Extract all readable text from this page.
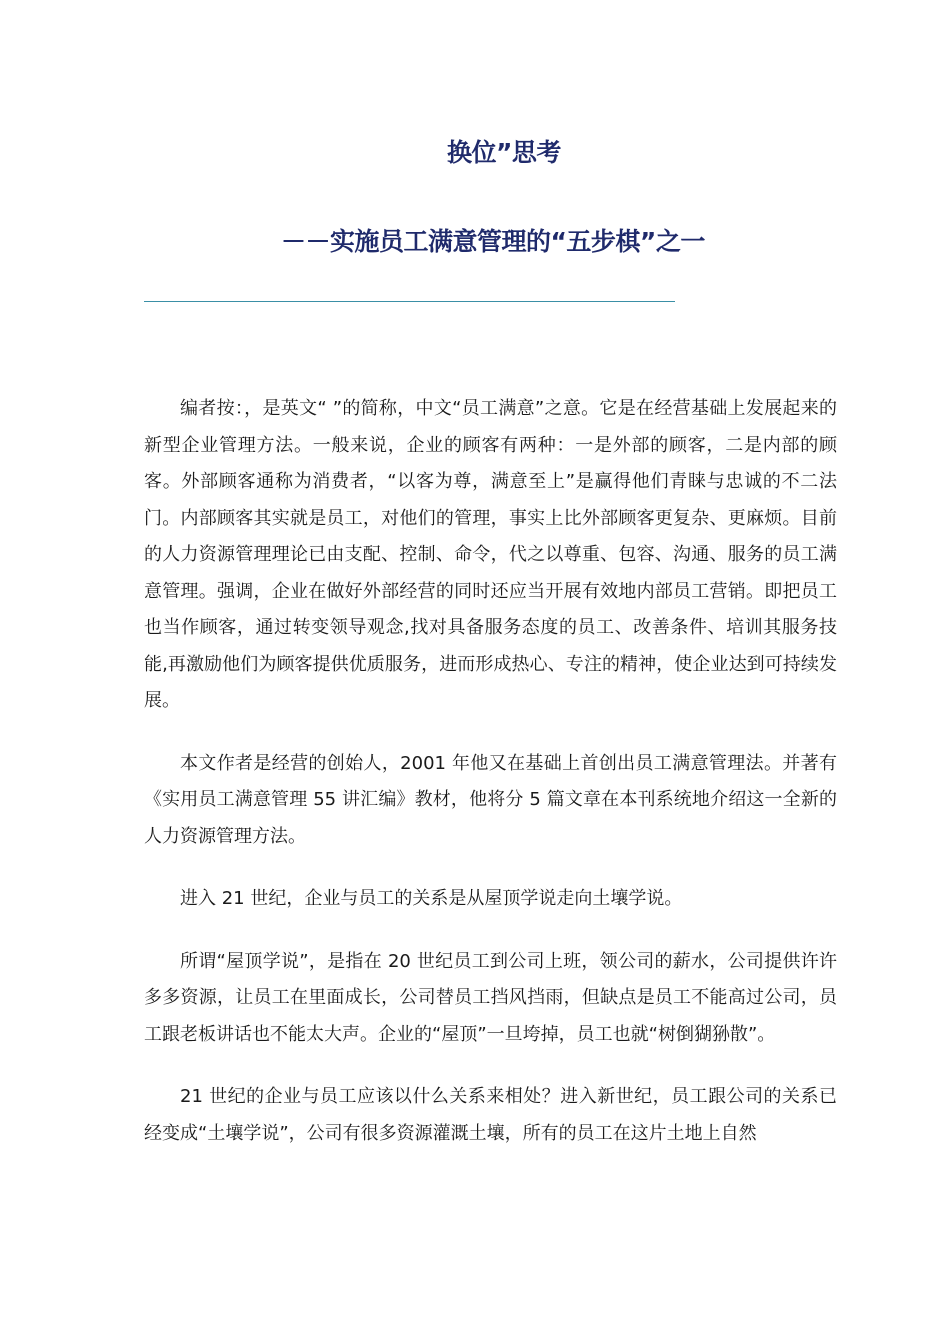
换位”思考
－－实施员工满意管理的“五步棋”之一

编者按：，是英文“ ”的简称，中文“员工满意”之意。它是在经营基础上发展起来的新型企业管理方法。一般来说，企业的顾客有两种：一是外部的顾客，二是内部的顾客。外部顾客通称为消费者，“以客为尊，满意至上”是赢得他们青睐与忠诚的不二法门。内部顾客其实就是员工，对他们的管理，事实上比外部顾客更复杂、更麻烦。目前的人力资源管理理论已由支配、控制、命令，代之以尊重、包容、沟通、服务的员工满意管理。强调，企业在做好外部经营的同时还应当开展有效地内部员工营销。即把员工也当作顾客，通过转变领导观念,找对具备服务态度的员工、改善条件、培训其服务技能,再激励他们为顾客提供优质服务，进而形成热心、专注的精神，使企业达到可持续发展。

本文作者是经营的创始人，2001 年他又在基础上首创出员工满意管理法。并著有《实用员工满意管理 55 讲汇编》教材，他将分 5 篇文章在本刊系统地介绍这一全新的人力资源管理方法。

进入 21 世纪，企业与员工的关系是从屋顶学说走向土壤学说。

所谓“屋顶学说”，是指在 20 世纪员工到公司上班，领公司的薪水，公司提供许许多多资源，让员工在里面成长，公司替员工挡风挡雨，但缺点是员工不能高过公司，员工跟老板讲话也不能太大声。企业的“屋顶”一旦垮掉，员工也就“树倒猢狲散”。

21 世纪的企业与员工应该以什么关系来相处？进入新世纪，员工跟公司的关系已经变成“土壤学说”，公司有很多资源灌溉土壤，所有的员工在这片土地上自然
